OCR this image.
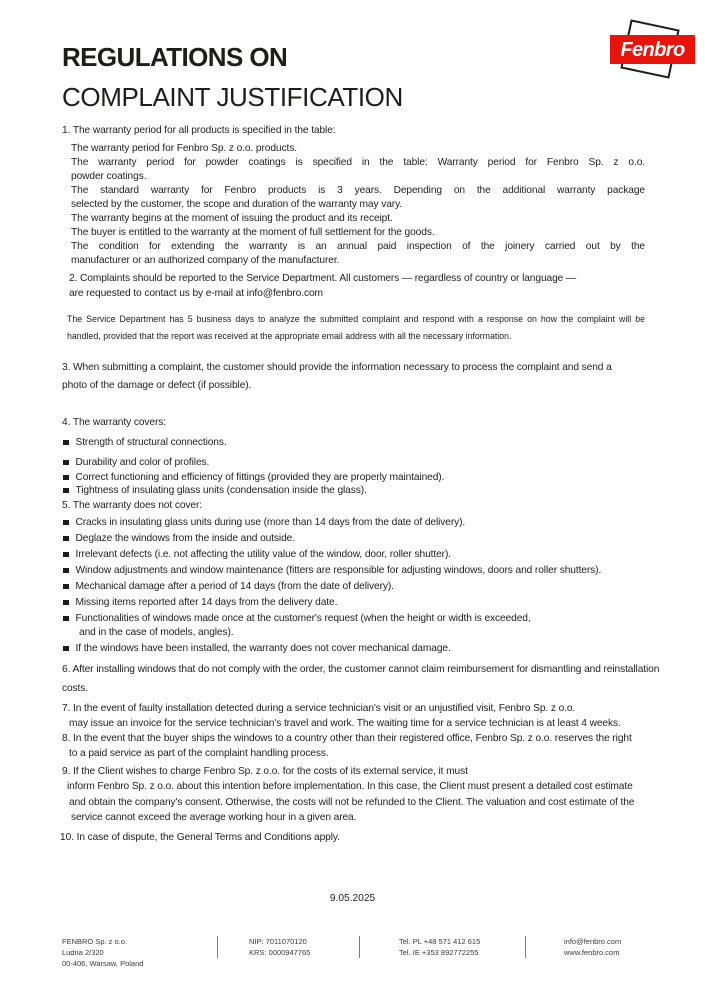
Fenbro
REGULATIONS ON
COMPLAINT JUSTIFICATION
1. The warranty period for all products is specified in the table:
The warranty period for Fenbro Sp. z o.o. products.
The warranty period for powder coatings is specified in the table: Warranty period for Fenbro Sp. z o.o.
powder coatings.
The standard warranty for Fenbro products is 3 years. Depending on the additional warranty package
selected by the customer, the scope and duration of the warranty may vary.
The warranty begins at the moment of issuing the product and its receipt.
The buyer is entitled to the warranty at the moment of full settlement for the goods.
The condition for extending the warranty is an annual paid inspection of the joinery carried out by the
manufacturer or an authorized company of the manufacturer.
2. Complaints should be reported to the Service Department. All customers — regardless of country or language —
are requested to contact us by e-mail at info@fenbro.com
The Service Department has 5 business days to analyze the submitted complaint and respond with a response on how the complaint will be
handled, provided that the report was received at the appropriate email address with all the necessary information.
3. When submitting a complaint, the customer should provide the information necessary to process the complaint and send a
photo of the damage or defect (if possible).
4. The warranty covers:
Strength of structural connections.
Durability and color of profiles.
Correct functioning and efficiency of fittings (provided they are properly maintained).
Tightness of insulating glass units (condensation inside the glass).
5. The warranty does not cover:
Cracks in insulating glass units during use (more than 14 days from the date of delivery).
Deglaze the windows from the inside and outside.
Irrelevant defects (i.e. not affecting the utility value of the window, door, roller shutter).
Window adjustments and window maintenance (fitters are responsible for adjusting windows, doors and roller shutters).
Mechanical damage after a period of 14 days (from the date of delivery).
Missing items reported after 14 days from the delivery date.
Functionalities of windows made once at the customer's request (when the height or width is exceeded,
and in the case of models, angles).
If the windows have been installed, the warranty does not cover mechanical damage.
6. After installing windows that do not comply with the order, the customer cannot claim reimbursement for dismantling and reinstallation
costs.
7. In the event of faulty installation detected during a service technician's visit or an unjustified visit, Fenbro Sp. z o.o.
may issue an invoice for the service technician's travel and work. The waiting time for a service technician is at least 4 weeks.
8. In the event that the buyer ships the windows to a country other than their registered office, Fenbro Sp. z o.o. reserves the right
to a paid service as part of the complaint handling process.
9. If the Client wishes to charge Fenbro Sp. z o.o. for the costs of its external service, it must
inform Fenbro Sp. z o.o. about this intention before implementation. In this case, the Client must present a detailed cost estimate
and obtain the company's consent. Otherwise, the costs will not be refunded to the Client. The valuation and cost estimate of the
service cannot exceed the average working hour in a given area.
10. In case of dispute, the General Terms and Conditions apply.
9.05.2025
FENBRO Sp. z o.o.
Ludna 2/320
00-406, Warsaw, Poland
NIP: 7011070120
KRS: 0000947765
Tel. PL +48 571 412 615
Tel. IE +353 892772255
info@fenbro.com
www.fenbro.com
